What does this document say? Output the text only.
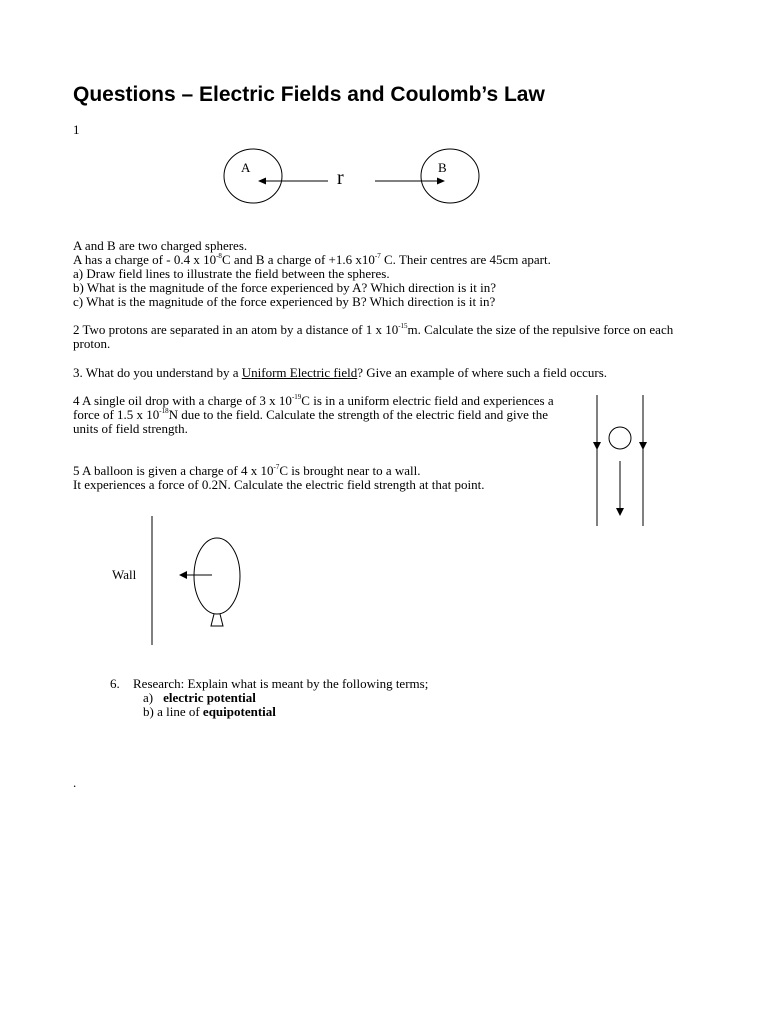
Questions – Electric Fields and Coulomb’s Law
1
A	B
r
A and B are two charged spheres.
A has a charge of - 0.4 x $10^{-8}C$ and B a charge of +1.6 $x10^{-7}$ C. Their centres are 45cm apart.
a) Draw field lines to illustrate the field between the spheres.
b) What is the magnitude of the force experienced by A? Which direction is it in?
c) What is the magnitude of the force experienced by B? Which direction is it in?
2 Two protons are separated in an atom by a distance of 1 x $10^{-15}m$. Calculate the size of the repulsive force on each
proton.
3. What do you understand by a Uniform Electric field? Give an example of where such a field occurs.
4 A single oil drop with a charge of 3 x $10^{-19}C$ is in a uniform electric field and experiences a
force of 1.5 x $10^{-18}N$ due to the field. Calculate the strength of the electric field and give the
units of field strength.
5 A balloon is given a charge of 4 x $10^{-7}C$ is brought near to a wall.
It experiences a force of 0.2N. Calculate the electric field strength at that point.
Wall
6. Research: Explain what is meant by the following terms;
a) electric potential
b) a line of equipotential
.
